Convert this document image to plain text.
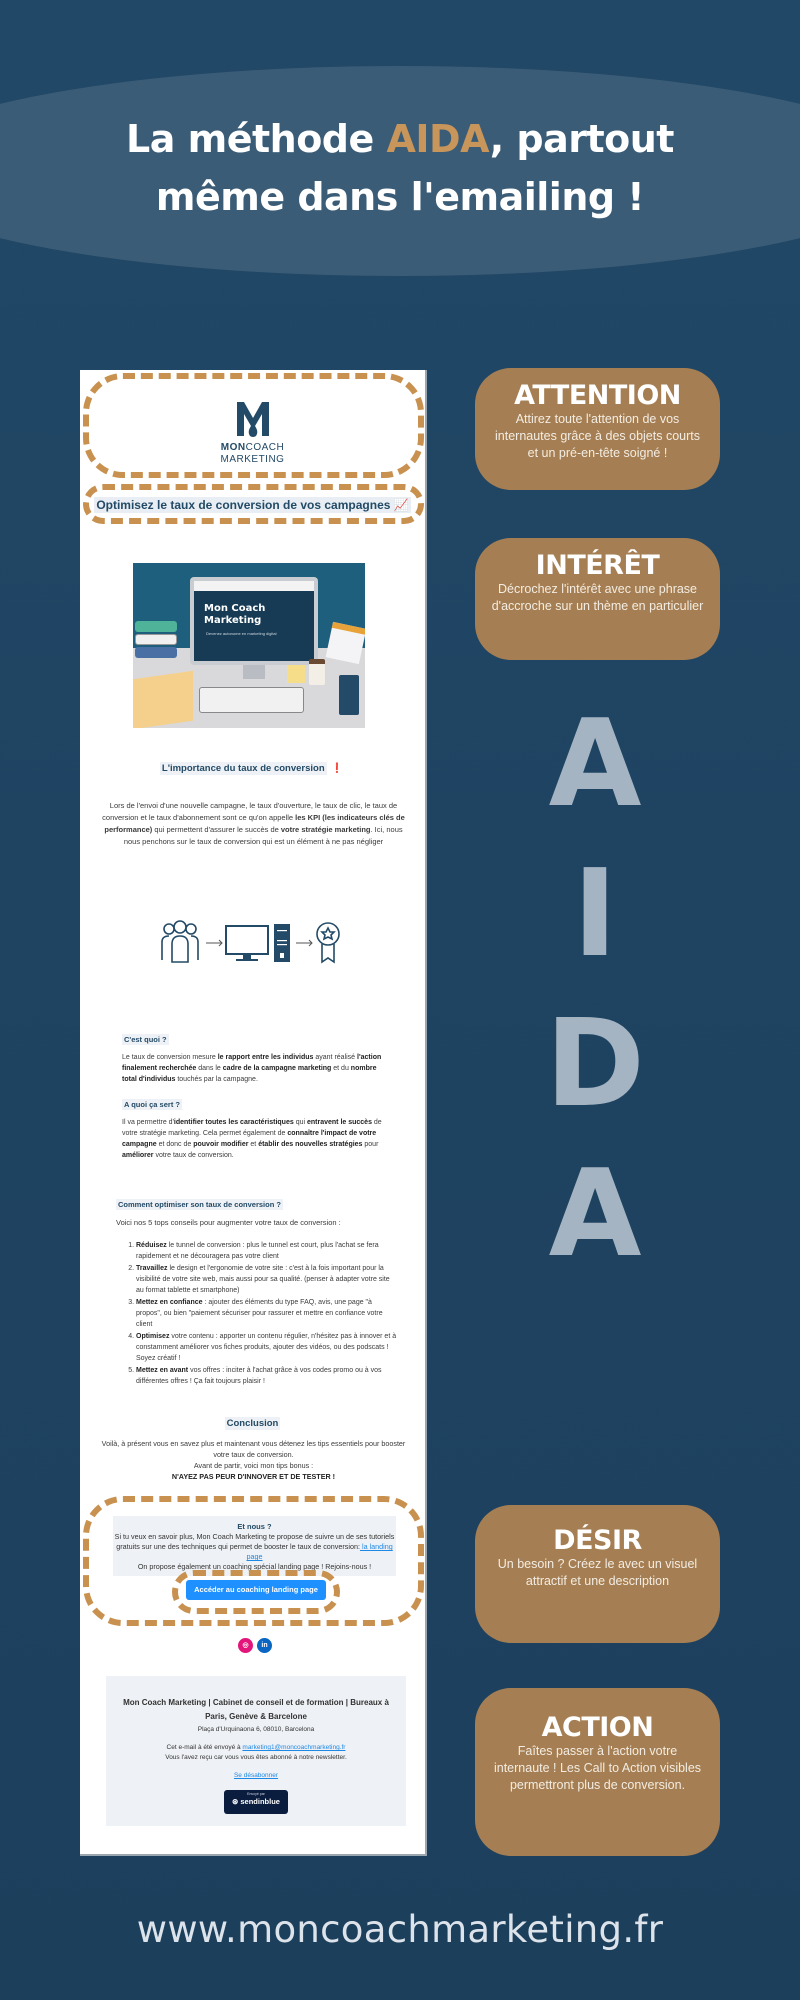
La méthode AIDA, partout
même dans l'emailing !
MONCOACH
MARKETING
Optimisez le taux de conversion de vos campagnes 📈
Mon Coach
Marketing
Devenez autonome en marketing digital
L'importance du taux de conversion ❗

Lors de l'envoi d'une nouvelle campagne, le taux d'ouverture, le taux de clic, le taux de conversion et le taux d'abonnement sont ce qu'on appelle les KPI (les indicateurs clés de performance) qui permettent d'assurer le succès de votre stratégie marketing. Ici, nous nous penchons sur le taux de conversion qui est un élément à ne pas négliger

C'est quoi ?

Le taux de conversion mesure le rapport entre les individus ayant réalisé l'action finalement recherchée dans le cadre de la campagne marketing et du nombre total d'individus touchés par la campagne.

A quoi ça sert ?

Il va permettre d'identifier toutes les caractéristiques qui entravent le succès de votre stratégie marketing. Cela permet également de connaître l'impact de votre campagne et donc de pouvoir modifier et établir des nouvelles stratégies pour améliorer votre taux de conversion.

Comment optimiser son taux de conversion ?
Voici nos 5 tops conseils pour augmenter votre taux de conversion :
1. Réduisez le tunnel de conversion : plus le tunnel est court, plus l'achat se fera rapidement et ne découragera pas votre client
2. Travaillez le design et l'ergonomie de votre site : c'est à la fois important pour la visibilité de votre site web, mais aussi pour sa qualité. (penser à adapter votre site au format tablette et smartphone)
3. Mettez en confiance : ajouter des éléments du type FAQ, avis, une page "à propos", ou bien "paiement sécuriser pour rassurer et mettre en confiance votre client
4. Optimisez votre contenu : apporter un contenu régulier, n'hésitez pas à innover et à constamment améliorer vos fiches produits, ajouter des vidéos, ou des podscats ! Soyez créatif !
5. Mettez en avant vos offres : inciter à l'achat grâce à vos codes promo ou à vos différentes offres ! Ça fait toujours plaisir !
Conclusion
Voilà, à présent vous en savez plus et maintenant vous détenez les tips essentiels pour booster votre taux de conversion.
Avant de partir, voici mon tips bonus :
N'AYEZ PAS PEUR D'INNOVER ET DE TESTER !
Et nous ?
Si tu veux en savoir plus, Mon Coach Marketing te propose de suivre un de ses tutoriels gratuits sur une des techniques qui permet de booster le taux de conversion: la landing page
On propose également un coaching spécial landing page ! Rejoins-nous !
Accéder au coaching landing page
◎	in
Mon Coach Marketing | Cabinet de conseil et de formation | Bureaux à Paris, Genève & Barcelone
Plaça d'Urquinaona 6, 08010, Barcelona
Cet e-mail à été envoyé à marketing1@moncoachmarketing.fr
Vous l'avez reçu car vous vous êtes abonné à notre newsletter.
Se désabonner
Envoyé par
⊛ sendinblue
ATTENTION
Attirez toute l'attention de vos internautes grâce à des objets courts et un pré-en-tête soigné !
INTÉRÊT
Décrochez l'intérêt avec une phrase d'accroche sur un thème en particulier
A
I
D
A
DÉSIR
Un besoin ? Créez le avec un visuel attractif et une description
ACTION
Faîtes passer à l'action votre internaute ! Les Call to Action visibles permettront plus de conversion.
www.moncoachmarketing.fr
